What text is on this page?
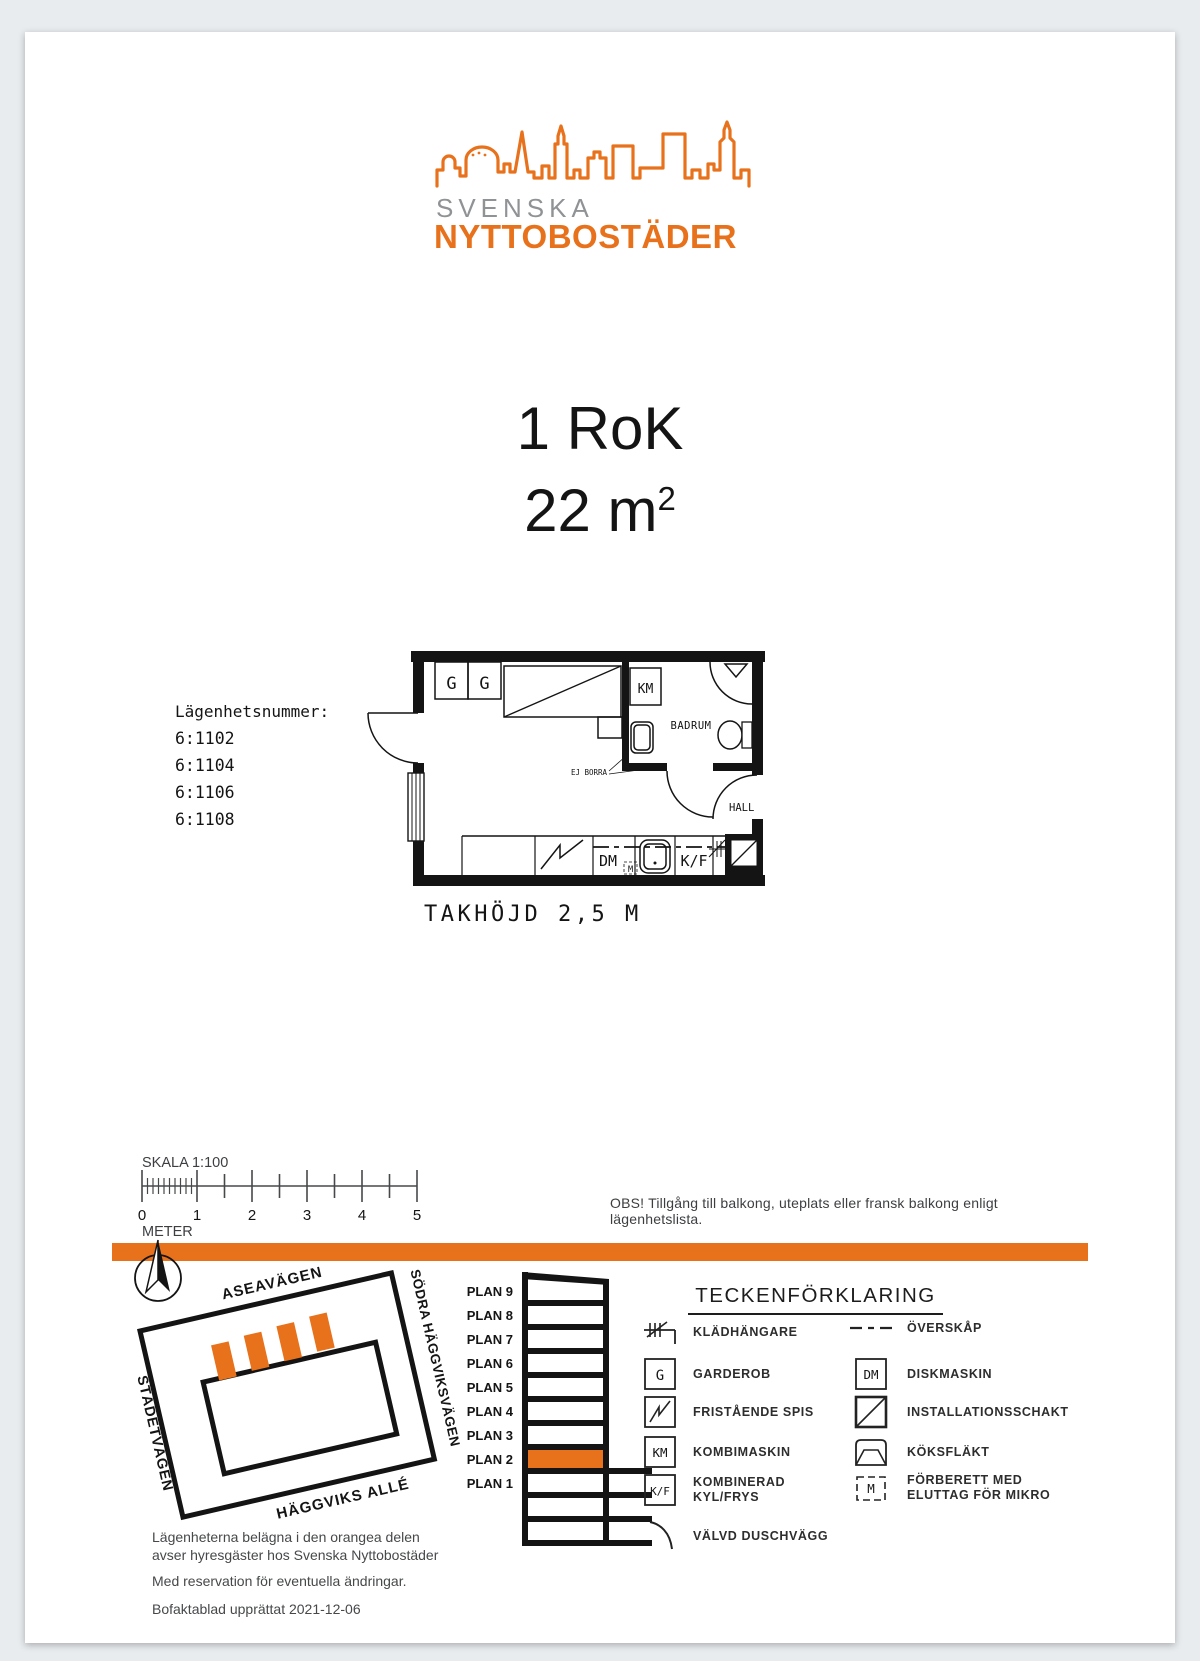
SVENSKA
NYTTOBOSTÄDER
1 RoK
22 $m^2$
Lägenhetsnummer:
6:1102
6:1104
6:1106
6:1108
G G	KM
BADRUM
HALL
EJ BORRA
DM M	K/F
TAKHÖJD 2,5 M
SKALA 1:100
0	1	2	3	4	5
METER
OBS! Tillgång till balkong, uteplats eller fransk balkong enligt lägenhetslista.
ASEAVÄGEN	SÖDRA HÄGGVIKSVÄGEN
STÄDETVÄGEN
HÄGGVIKS ALLÉ
PLAN 9
PLAN 8
PLAN 7
PLAN 6
PLAN 5
PLAN 4
PLAN 3
PLAN 2
PLAN 1
TECKENFÖRKLARING
KLÄDHÄNGARE
G GARDEROB
FRISTÅENDE SPIS
KM KOMBIMASKIN
K/F
KOMBINERAD KYL/FRYS
VÄLVD DUSCHVÄGG
ÖVERSKÅP
DM DISKMASKIN
INSTALLATIONSSCHAKT
KÖKSFLÄKT
M
FÖRBERETT MED ELUTTAG FÖR MIKRO
Lägenheterna belägna i den orangea delen
avser hyresgäster hos Svenska Nyttobostäder
Med reservation för eventuella ändringar.
Bofaktablad upprättat 2021-12-06
